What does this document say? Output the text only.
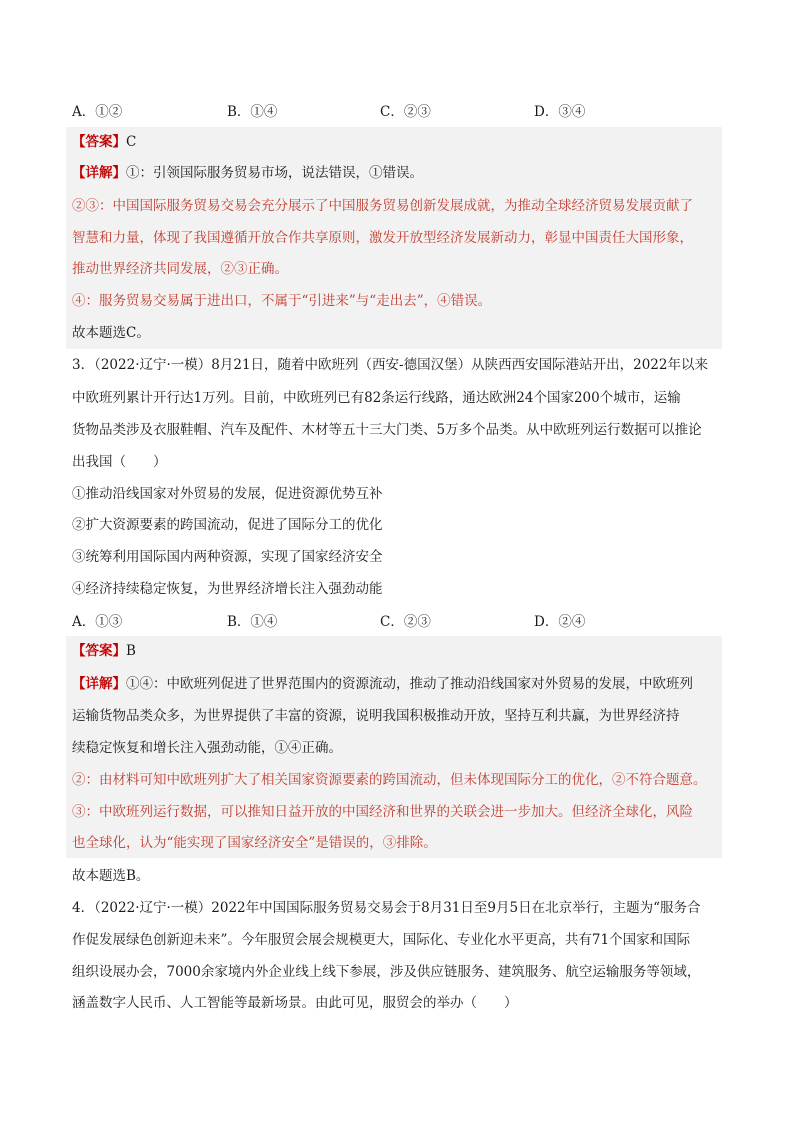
A．①②	B．①④	C．②③	D．③④
【答案】C
【详解】①：引领国际服务贸易市场，说法错误，①错误。
②③：中国国际服务贸易交易会充分展示了中国服务贸易创新发展成就，为推动全球经济贸易发展贡献了
智慧和力量，体现了我国遵循开放合作共享原则，激发开放型经济发展新动力，彰显中国责任大国形象，
推动世界经济共同发展，②③正确。
④：服务贸易交易属于进出口，不属于“引进来”与“走出去”，④错误。
故本题选C。
3．（2022·辽宁·一模）8月21日，随着中欧班列（西安-德国汉堡）从陕西西安国际港站开出，2022年以来
中欧班列累计开行达1万列。目前，中欧班列已有82条运行线路，通达欧洲24个国家200个城市，运输
货物品类涉及衣服鞋帽、汽车及配件、木材等五十三大门类、5万多个品类。从中欧班列运行数据可以推论
出我国（　　）
①推动沿线国家对外贸易的发展，促进资源优势互补
②扩大资源要素的跨国流动，促进了国际分工的优化
③统筹利用国际国内两种资源，实现了国家经济安全
④经济持续稳定恢复，为世界经济增长注入强劲动能
A．①③	B．①④	C．②③	D．②④
【答案】B
【详解】①④：中欧班列促进了世界范围内的资源流动，推动了推动沿线国家对外贸易的发展，中欧班列
运输货物品类众多，为世界提供了丰富的资源，说明我国积极推动开放，坚持互利共赢，为世界经济持
续稳定恢复和增长注入强劲动能，①④正确。
②：由材料可知中欧班列扩大了相关国家资源要素的跨国流动，但未体现国际分工的优化，②不符合题意。
③：中欧班列运行数据，可以推知日益开放的中国经济和世界的关联会进一步加大。但经济全球化，风险
也全球化，认为“能实现了国家经济安全”是错误的，③排除。
故本题选B。
4．（2022·辽宁·一模）2022年中国国际服务贸易交易会于8月31日至9月5日在北京举行，主题为“服务合
作促发展绿色创新迎未来”。今年服贸会展会规模更大，国际化、专业化水平更高，共有71个国家和国际
组织设展办会，7000余家境内外企业线上线下参展，涉及供应链服务、建筑服务、航空运输服务等领域，
涵盖数字人民币、人工智能等最新场景。由此可见，服贸会的举办（　　）
